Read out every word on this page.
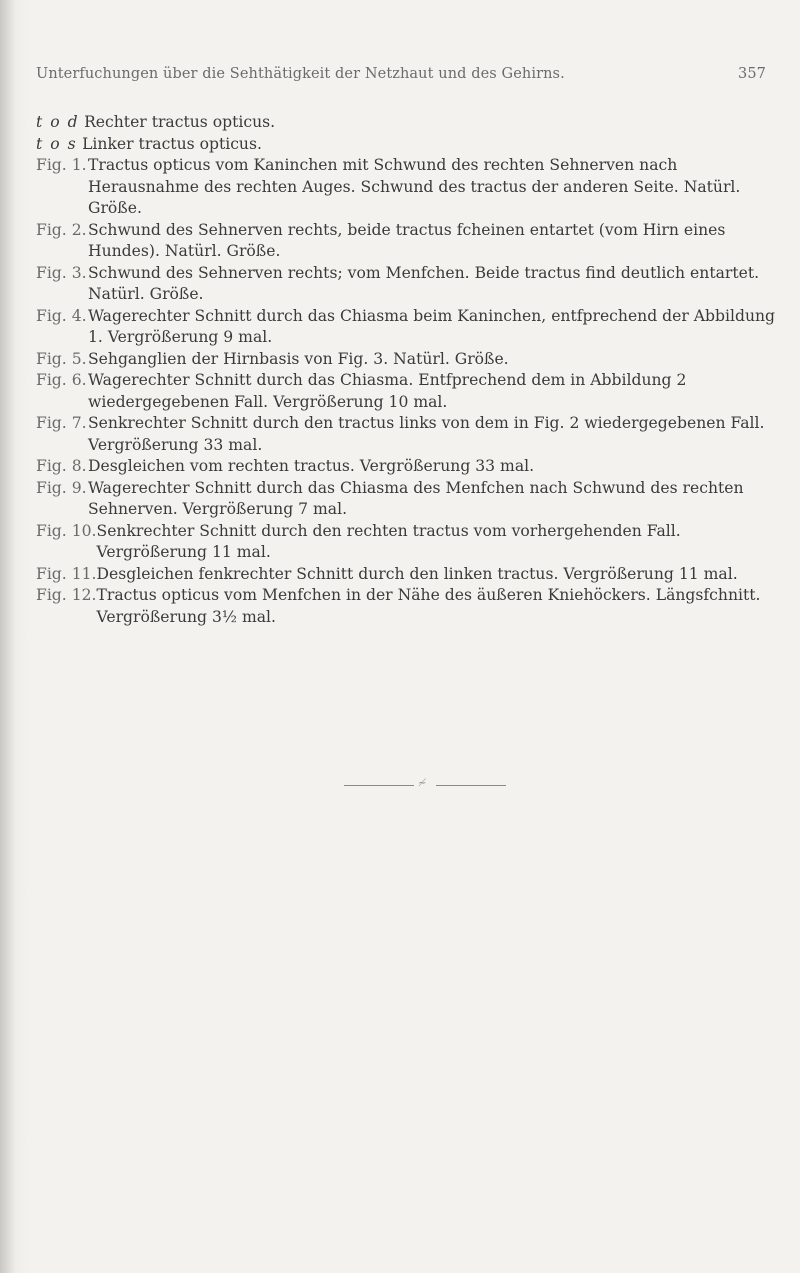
Unterfuchungen über die Sehthätigkeit der Netzhaut und des Gehirns.	357
t o d Rechter tractus opticus.
t o s Linker tractus opticus.
Fig. 1. Tractus opticus vom Kaninchen mit Schwund des rechten Sehnerven nach Herausnahme des rechten Auges. Schwund des tractus der anderen Seite. Natürl. Größe.
Fig. 2. Schwund des Sehnerven rechts, beide tractus fcheinen entartet (vom Hirn eines Hundes). Natürl. Größe.
Fig. 3. Schwund des Sehnerven rechts; vom Menfchen. Beide tractus find deutlich entartet. Natürl. Größe.
Fig. 4. Wagerechter Schnitt durch das Chiasma beim Kaninchen, entfprechend der Abbildung 1. Vergrößerung 9 mal.
Fig. 5. Sehganglien der Hirnbasis von Fig. 3. Natürl. Größe.
Fig. 6. Wagerechter Schnitt durch das Chiasma. Entfprechend dem in Abbildung 2 wiedergegebenen Fall. Vergrößerung 10 mal.
Fig. 7. Senkrechter Schnitt durch den tractus links von dem in Fig. 2 wiedergegebenen Fall. Vergrößerung 33 mal.
Fig. 8. Desgleichen vom rechten tractus. Vergrößerung 33 mal.
Fig. 9. Wagerechter Schnitt durch das Chiasma des Menfchen nach Schwund des rechten Sehnerven. Vergrößerung 7 mal.
Fig. 10. Senkrechter Schnitt durch den rechten tractus vom vorhergehenden Fall. Vergrößerung 11 mal.
Fig. 11. Desgleichen fenkrechter Schnitt durch den linken tractus. Vergrößerung 11 mal.
Fig. 12. Tractus opticus vom Menfchen in der Nähe des äußeren Kniehöckers. Längsfchnitt. Vergrößerung 3½ mal.
≁
